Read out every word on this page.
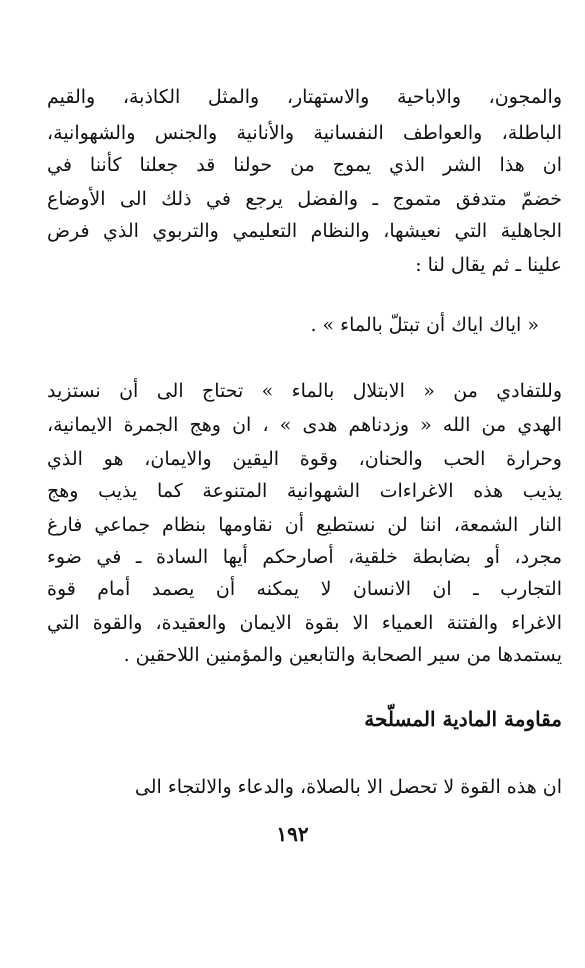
والمجون، والاباحية والاستهتار، والمثل الكاذبة، والقيم
الباطلة، والعواطف النفسانية والأنانية والجنس والشهوانية،
ان هذا الشر الذي يموج من حولنا قد جعلنا كأننا في
خضمّ متدفق متموج ـ والفضل يرجع في ذلك الى الأوضاع
الجاهلية التي نعيشها، والنظام التعليمي والتربوي الذي فرض
علينا ـ ثم يقال لنا :
« اياك اياك أن تبتلّ بالماء » .
وللتفادي من « الابتلال بالماء » تحتاج الى أن نستزيد
الهدي من الله « وزدناهم هدى » ، ان وهج الجمرة الايمانية،
وحرارة الحب والحنان، وقوة اليقين والايمان، هو الذي
يذيب هذه الاغراءات الشهوانية المتنوعة كما يذيب وهج
النار الشمعة، اننا لن نستطيع أن نقاومها بنظام جماعي فارغ
مجرد، أو بضابطة خلقية، أصارحكم أيها السادة ـ في ضوء
التجارب ـ ان الانسان لا يمكنه أن يصمد أمام قوة
الاغراء والفتنة العمياء الا بقوة الايمان والعقيدة، والقوة التي
يستمدها من سير الصحابة والتابعين والمؤمنين اللاحقين .
مقاومة المادية المسلّحة
ان هذه القوة لا تحصل الا بالصلاة، والدعاء والالتجاء الى
١٩٢
